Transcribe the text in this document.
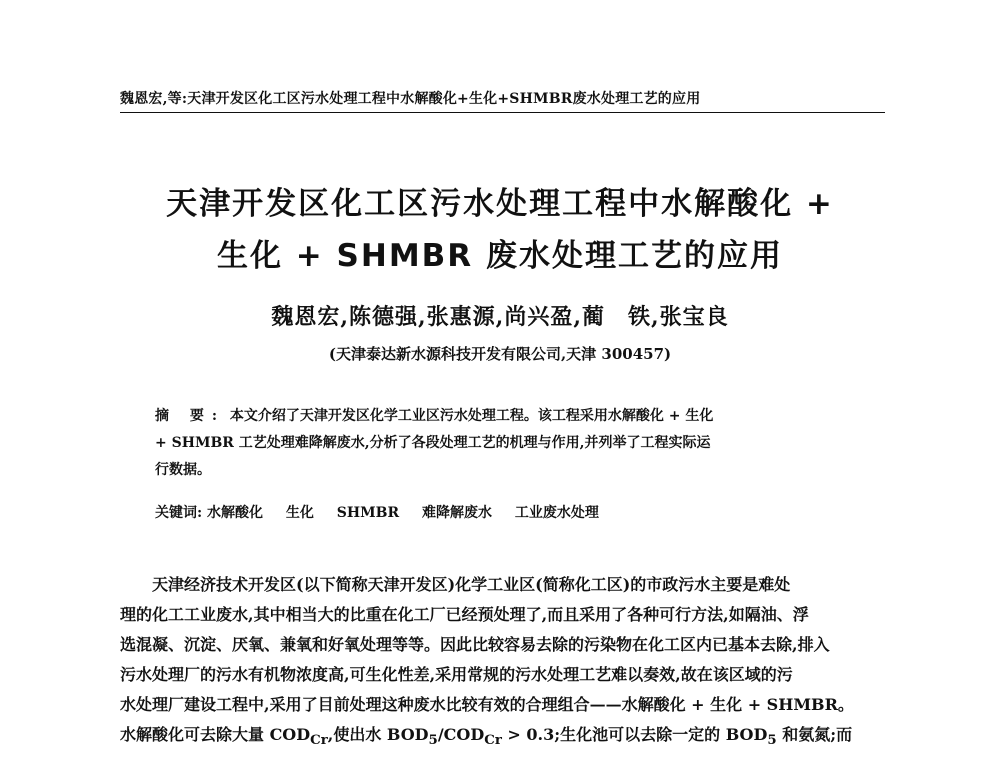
魏恩宏,等:天津开发区化工区污水处理工程中水解酸化+生化+SHMBR废水处理工艺的应用
天津开发区化工区污水处理工程中水解酸化 +
生化 + SHMBR 废水处理工艺的应用
魏恩宏,陈德强,张惠源,尚兴盈,蔺　铁,张宝良
(天津泰达新水源科技开发有限公司,天津 300457)
摘 要: 本文介绍了天津开发区化学工业区污水处理工程。该工程采用水解酸化 + 生化
+ SHMBR 工艺处理难降解废水,分析了各段处理工艺的机理与作用,并列举了工程实际运
行数据。
关键词: 水解酸化 生化 SHMBR 难降解废水 工业废水处理
　　天津经济技术开发区(以下简称天津开发区)化学工业区(简称化工区)的市政污水主要是难处
理的化工工业废水,其中相当大的比重在化工厂已经预处理了,而且采用了各种可行方法,如隔油、浮
选混凝、沉淀、厌氧、兼氧和好氧处理等等。因此比较容易去除的污染物在化工区内已基本去除,排入
污水处理厂的污水有机物浓度高,可生化性差,采用常规的污水处理工艺难以奏效,故在该区域的污
水处理厂建设工程中,采用了目前处理这种废水比较有效的合理组合——水解酸化 + 生化 + SHMBR。
水解酸化可去除大量 $COD_{Cr}$,使出水 $BOD_5/COD_{Cr} > 0.3$;生化池可以去除一定的 $BOD_5$ 和氨氮;而
